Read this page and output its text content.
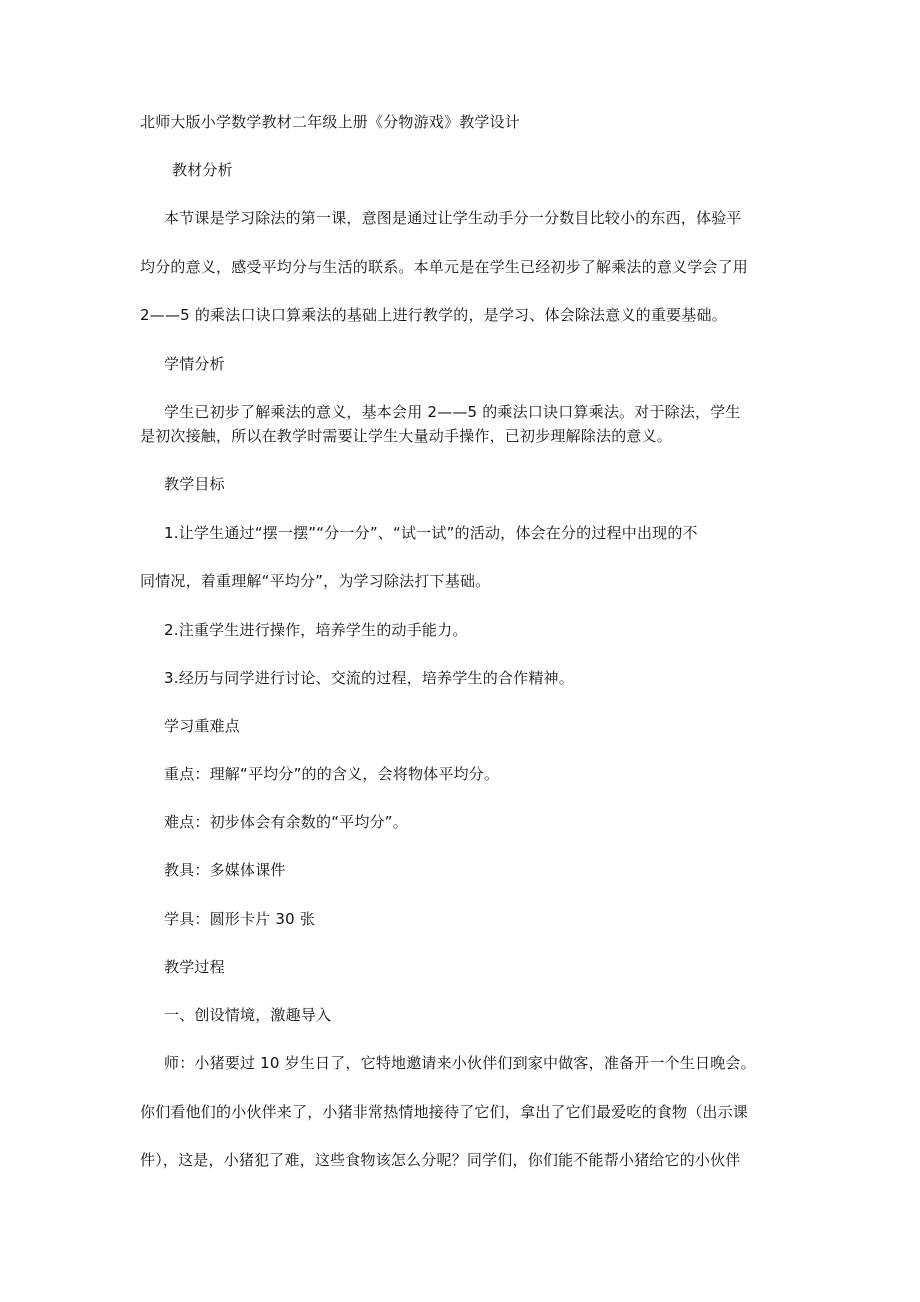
北师大版小学数学教材二年级上册《分物游戏》教学设计
教材分析
本节课是学习除法的第一课，意图是通过让学生动手分一分数目比较小的东西，体验平
均分的意义，感受平均分与生活的联系。本单元是在学生已经初步了解乘法的意义学会了用
2——5 的乘法口诀口算乘法的基础上进行教学的，是学习、体会除法意义的重要基础。
学情分析
学生已初步了解乘法的意义，基本会用 2——5 的乘法口诀口算乘法。对于除法，学生
是初次接触，所以在教学时需要让学生大量动手操作，已初步理解除法的意义。
教学目标
1.让学生通过“摆一摆”“分一分”、“试一试”的活动，体会在分的过程中出现的不
同情况，着重理解“平均分”，为学习除法打下基础。
2.注重学生进行操作，培养学生的动手能力。
3.经历与同学进行讨论、交流的过程，培养学生的合作精神。
学习重难点
重点：理解“平均分”的的含义，会将物体平均分。
难点：初步体会有余数的“平均分”。
教具：多媒体课件
学具：圆形卡片 30 张
教学过程
一、创设情境，激趣导入
师：小猪要过 10 岁生日了，它特地邀请来小伙伴们到家中做客，准备开一个生日晚会。
你们看他们的小伙伴来了，小猪非常热情地接待了它们，拿出了它们最爱吃的食物（出示课
件），这是，小猪犯了难，这些食物该怎么分呢？同学们，你们能不能帮小猪给它的小伙伴
